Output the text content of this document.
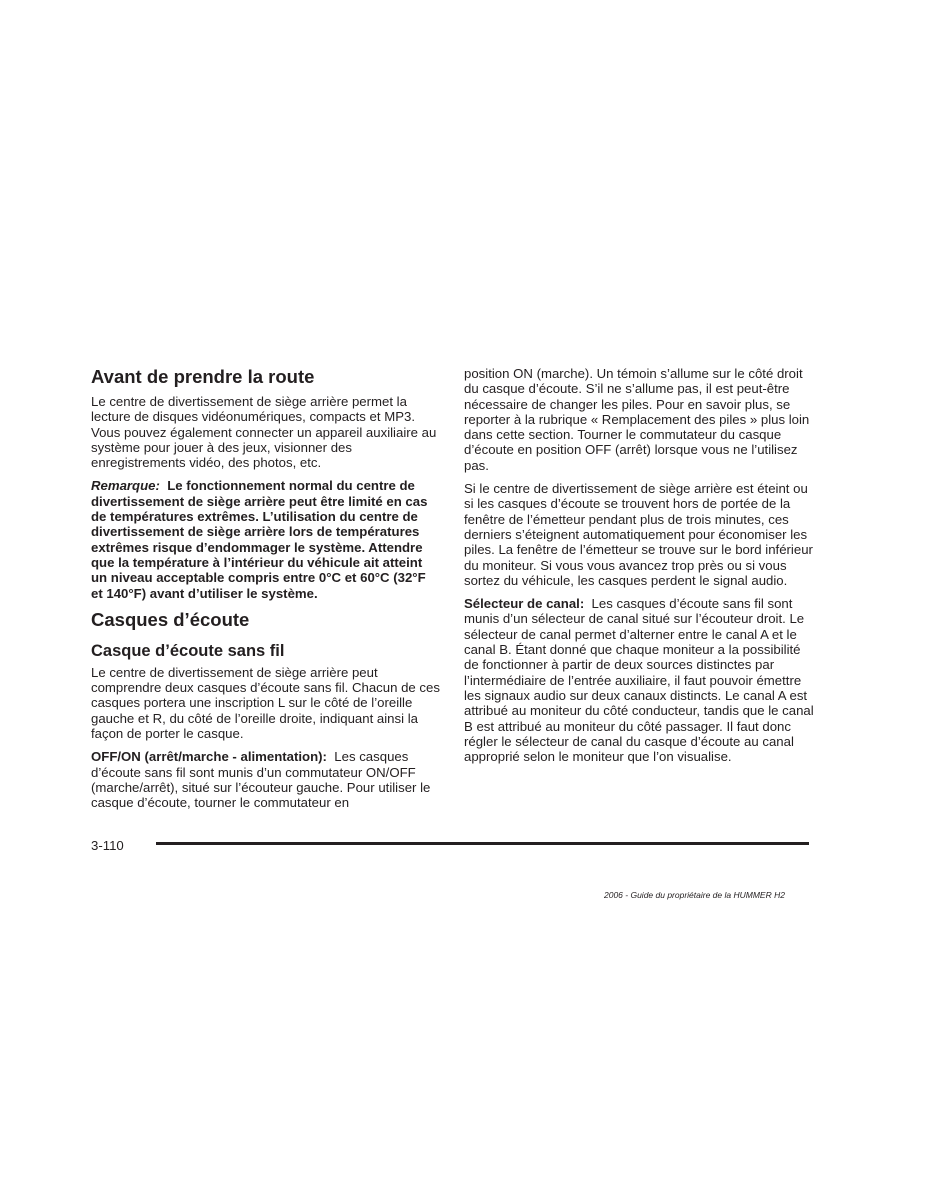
Avant de prendre la route

Le centre de divertissement de siège arrière permet la lecture de disques vidéonumériques, compacts et MP3. Vous pouvez également connecter un appareil auxiliaire au système pour jouer à des jeux, visionner des enregistrements vidéo, des photos, etc.

Remarque: Le fonctionnement normal du centre de divertissement de siège arrière peut être limité en cas de températures extrêmes. L’utilisation du centre de divertissement de siège arrière lors de températures extrêmes risque d’endommager le système. Attendre que la température à l’intérieur du véhicule ait atteint un niveau acceptable compris entre 0°C et 60°C (32°F et 140°F) avant d’utiliser le système.

Casques d’écoute
Casque d’écoute sans fil

Le centre de divertissement de siège arrière peut comprendre deux casques d’écoute sans fil. Chacun de ces casques portera une inscription L sur le côté de l’oreille gauche et R, du côté de l’oreille droite, indiquant ainsi la façon de porter le casque.

OFF/ON (arrêt/marche - alimentation): Les casques d’écoute sans fil sont munis d’un commutateur ON/OFF (marche/arrêt), situé sur l’écouteur gauche. Pour utiliser le casque d’écoute, tourner le commutateur en

position ON (marche). Un témoin s’allume sur le côté droit du casque d’écoute. S’il ne s’allume pas, il est peut-être nécessaire de changer les piles. Pour en savoir plus, se reporter à la rubrique « Remplacement des piles » plus loin dans cette section. Tourner le commutateur du casque d’écoute en position OFF (arrêt) lorsque vous ne l’utilisez pas.

Si le centre de divertissement de siège arrière est éteint ou si les casques d’écoute se trouvent hors de portée de la fenêtre de l’émetteur pendant plus de trois minutes, ces derniers s’éteignent automatiquement pour économiser les piles. La fenêtre de l’émetteur se trouve sur le bord inférieur du moniteur. Si vous vous avancez trop près ou si vous sortez du véhicule, les casques perdent le signal audio.

Sélecteur de canal: Les casques d’écoute sans fil sont munis d’un sélecteur de canal situé sur l’écouteur droit. Le sélecteur de canal permet d’alterner entre le canal A et le canal B. Étant donné que chaque moniteur a la possibilité de fonctionner à partir de deux sources distinctes par l’intermédiaire de l’entrée auxiliaire, il faut pouvoir émettre les signaux audio sur deux canaux distincts. Le canal A est attribué au moniteur du côté conducteur, tandis que le canal B est attribué au moniteur du côté passager. Il faut donc régler le sélecteur de canal du casque d’écoute au canal approprié selon le moniteur que l’on visualise.

3-110
2006 - Guide du propriétaire de la HUMMER H2
